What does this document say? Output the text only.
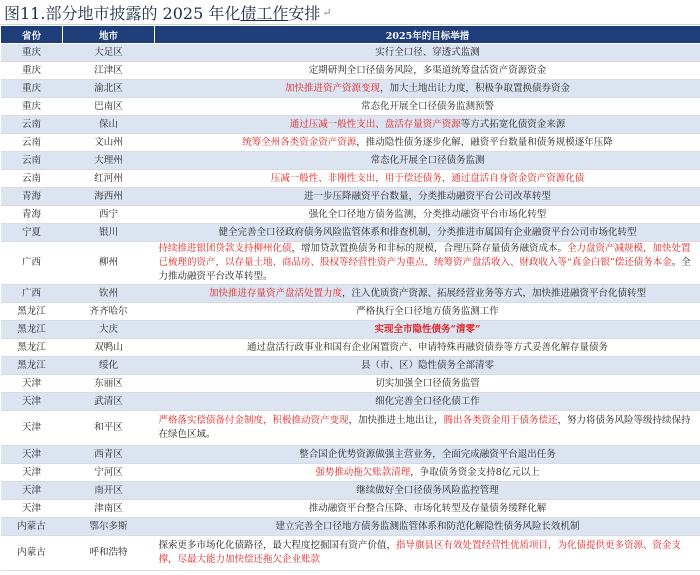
图11.部分地市披露的 2025 年化 债工作 安排 ↵
省份	地市	2025年的目标举措
重庆	大足区	实行全口径、穿透式监测
重庆	江津区	定期研判全口径债务风险，多渠道统筹盘活资产资源资金
重庆	渝北区	加快推进资产资源变现，加大土地出让力度，积极争取置换债券资金
重庆	巴南区	常态化开展全口径债务监测预警
云南	保山	通过压减一般性支出、盘活存量资产资源等方式拓宽化债资金来源
云南	文山州	统筹全州各类资金资产资源，推动隐性债务逐步化解，融资平台数量和债务规模逐年压降
云南	大理州	常态化开展全口径债务监测
云南	红河州	压减一般性、非刚性支出，用于偿还债务，通过盘活自身资金资产资源化债
青海	海西州	进一步压降融资平台数量，分类推动融资平台公司改革转型
青海	西宁	强化全口径地方债务监测，分类推动融资平台市场化转型
宁夏	银川	健全完善全口径政府债务风险监管体系和排查机制，分类推进市属国有企业融资平台公司市场化转型
广西	柳州	持续推进银团贷款支持柳州化债，增加贷款置换债务和非标的规模，合理压降存量债务融资成本。全力盘资产减规模，加快处置已梳理的资产，以存量土地、商品房、股权等经营性资产为重点，统筹资产盘活收入、财政收入等“真金白银”偿还债务本金。全力推动融资平台改革转型。
广西	钦州	加快推进存量资产盘活处置力度，注入优质资产资源、拓展经营业务等方式，加快推进融资平台化债转型
黑龙江	齐齐哈尔	严格执行全口径地方债务监测工作
黑龙江	大庆	实现全市隐性债务“清零”
黑龙江	双鸭山	通过盘活行政事业和国有企业闲置资产、申请特殊再融资债券等方式妥善化解存量债务
黑龙江	绥化	县（市、区）隐性债务全部清零
天津	东丽区	切实加强全口径债务监管
天津	武清区	细化完善全口径化债工作
天津	和平区	严格落实偿债备付金制度，积极推动资产变现，加快推进土地出让，腾出各类资金用于债务偿还，努力将债务风险等级持续保持在绿色区域。
天津	西青区	整合国企优势资源做强主营业务，全面完成融资平台退出任务
天津	宁河区	强势推动拖欠账款清理，争取债务资金支持8亿元以上
天津	南开区	继续做好全口径债务风险监控管理
天津	津南区	推动融资平台整合压降、市场化转型及存量债务缓释化解
内蒙古	鄂尔多斯	建立完善全口径地方债务监测监管体系和防范化解隐性债务风险长效机制
内蒙古	呼和浩特	探索更多市场化化债路径，最大程度挖掘国有资产价值，指导旗县区有效处置经营性优质项目，为化债提供更多资源、资金支撑，尽最大能力加快偿还拖欠企业账款
